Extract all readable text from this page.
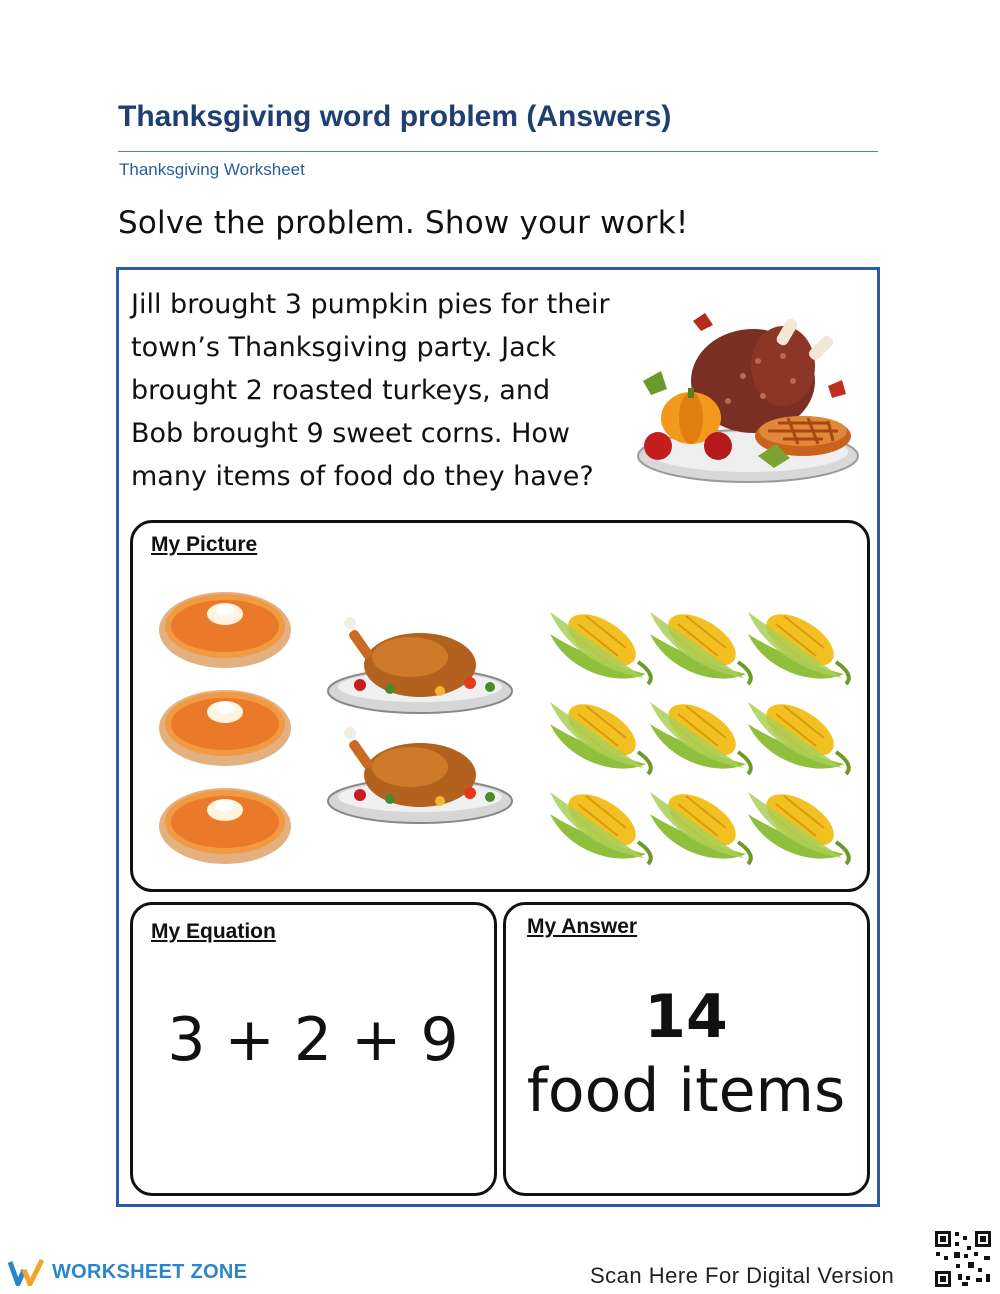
Thanksgiving word problem (Answers)
Thanksgiving Worksheet
Solve the problem. Show your work!
Jill brought 3 pumpkin pies for their
town’s Thanksgiving party. Jack
brought 2 roasted turkeys, and
Bob brought 9 sweet corns. How
many items of food do they have?
My Picture
My Equation
3 + 2 + 9
My Answer
14
food items
WORKSHEET ZONE	Scan Here For Digital Version
